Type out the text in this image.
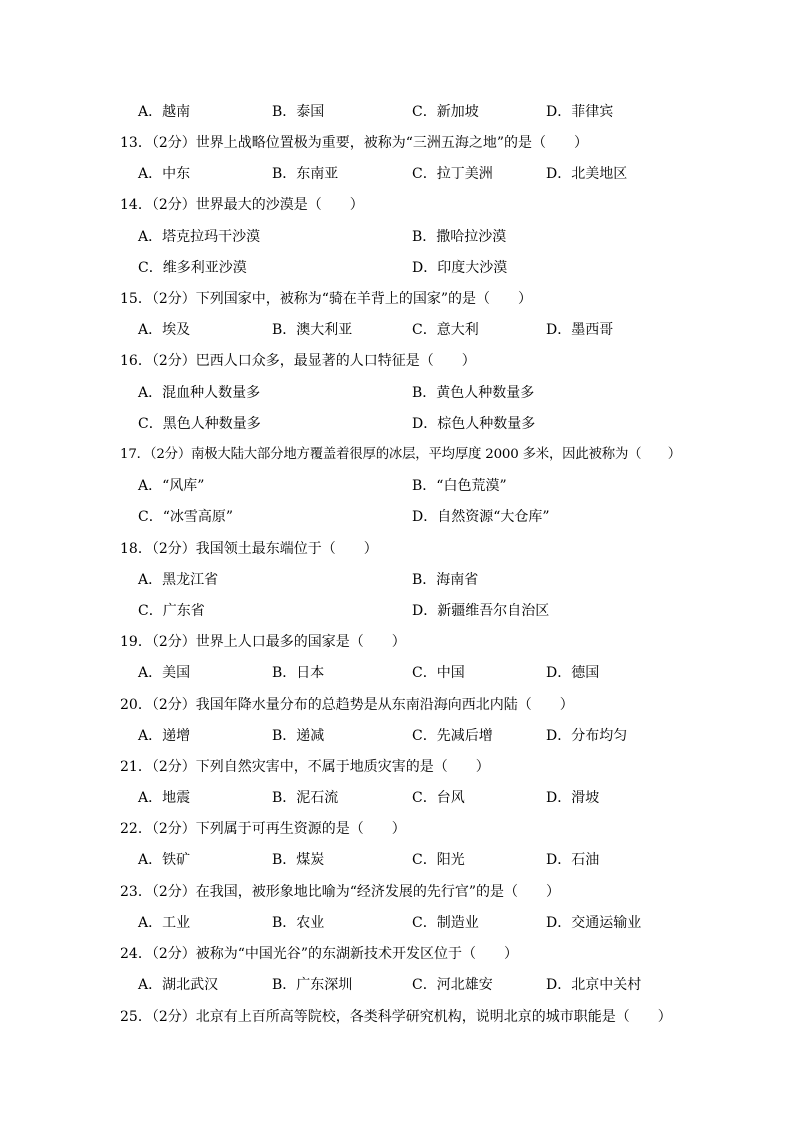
A．越南	B．泰国	C．新加坡	D．菲律宾
13．（2分）世界上战略位置极为重要，被称为“三洲五海之地”的是（　　）
A．中东	B．东南亚	C．拉丁美洲	D．北美地区
14．（2分）世界最大的沙漠是（　　）
A．塔克拉玛干沙漠	B．撒哈拉沙漠
C．维多利亚沙漠	D．印度大沙漠
15．（2分）下列国家中，被称为“骑在羊背上的国家”的是（　　）
A．埃及	B．澳大利亚	C．意大利	D．墨西哥
16．（2分）巴西人口众多，最显著的人口特征是（　　）
A．混血种人数量多	B．黄色人种数量多
C．黑色人种数量多	D．棕色人种数量多
17．（2分）南极大陆大部分地方覆盖着很厚的冰层，平均厚度 2000 多米，因此被称为（　　）
A．“风库”	B．“白色荒漠”
C．“冰雪高原”	D．自然资源“大仓库”
18．（2分）我国领土最东端位于（　　）
A．黑龙江省	B．海南省
C．广东省	D．新疆维吾尔自治区
19．（2分）世界上人口最多的国家是（　　）
A．美国	B．日本	C．中国	D．德国
20．（2分）我国年降水量分布的总趋势是从东南沿海向西北内陆（　　）
A．递增	B．递减	C．先减后增	D．分布均匀
21．（2分）下列自然灾害中，不属于地质灾害的是（　　）
A．地震	B．泥石流	C．台风	D．滑坡
22．（2分）下列属于可再生资源的是（　　）
A．铁矿	B．煤炭	C．阳光	D．石油
23．（2分）在我国，被形象地比喻为“经济发展的先行官”的是（　　）
A．工业	B．农业	C．制造业	D．交通运输业
24．（2分）被称为“中国光谷”的东湖新技术开发区位于（　　）
A．湖北武汉	B．广东深圳	C．河北雄安	D．北京中关村
25．（2分）北京有上百所高等院校，各类科学研究机构，说明北京的城市职能是（　　）
